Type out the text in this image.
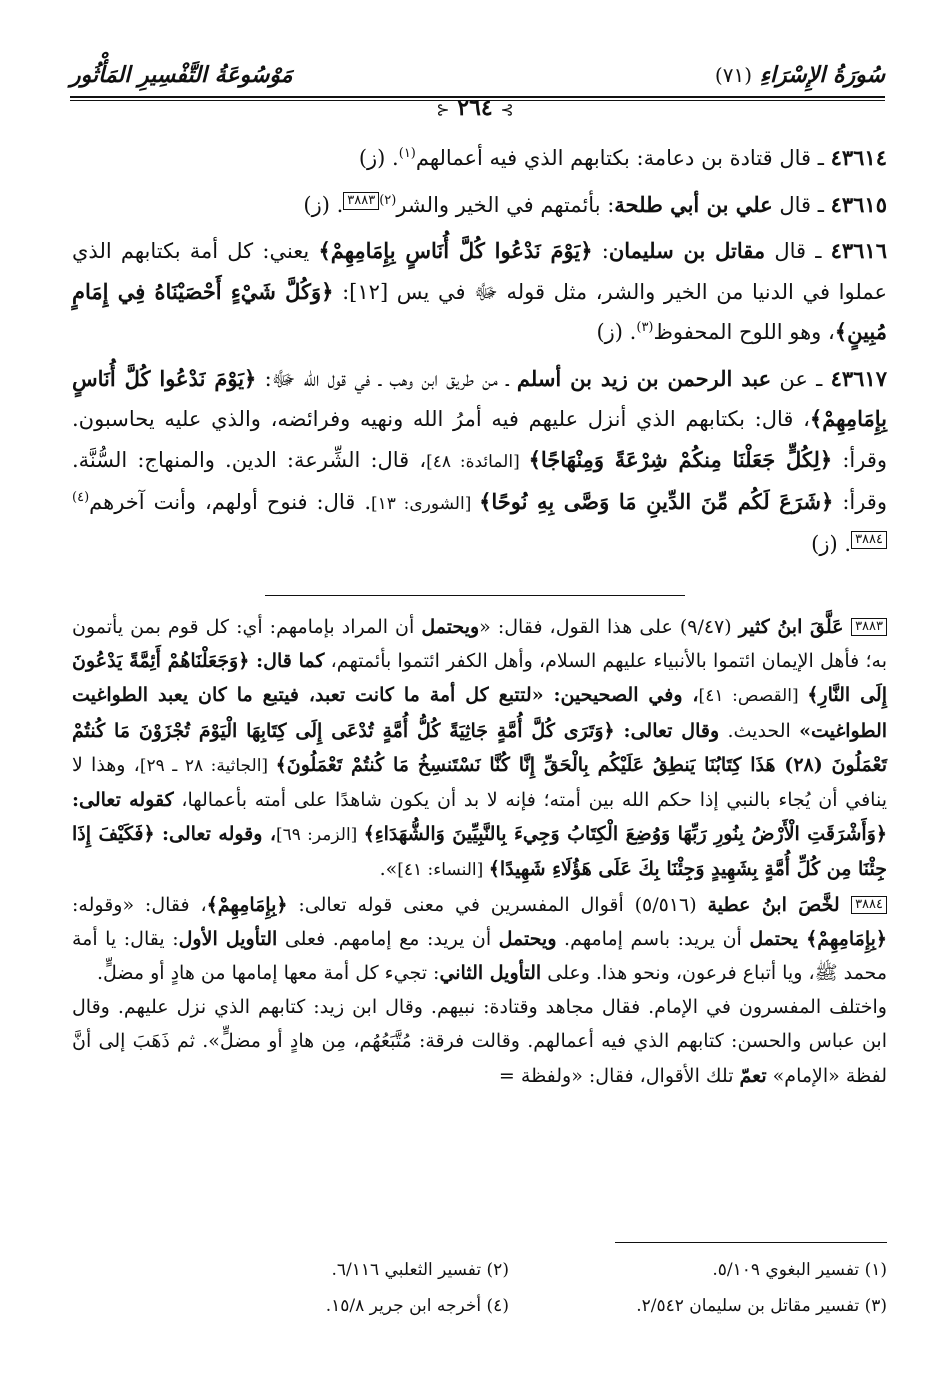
سُورَةُ الإِسْرَاءِ (٧١)
مَوْسُوعَةُ التَّفْسِيرِ المَأْثُور
⊱ ٢٦٤ ⊰

٤٣٦١٤ ـ قال قتادة بن دعامة: بكتابهم الذي فيه أعمالهم$^{(١)}$. (ز)

٤٣٦١٥ ـ قال علي بن أبي طلحة: بأئمتهم في الخير والشر$^{(٢)}$٣٨٨٣. (ز)

٤٣٦١٦ ـ قال مقاتل بن سليمان: ﴿يَوْمَ نَدْعُوا كُلَّ أُنَاسٍ بِإِمَامِهِمْ﴾ يعني: كل أمة بكتابهم الذي عملوا في الدنيا من الخير والشر، مثل قوله ﷻ في يس [١٢]: ﴿وَكُلَّ شَيْءٍ أَحْصَيْنَاهُ فِي إِمَامٍ مُبِينٍ﴾، وهو اللوح المحفوظ$^{(٣)}$. (ز)

٤٣٦١٧ ـ عن عبد الرحمن بن زيد بن أسلم ـ من طريق ابن وهب ـ في قول الله ﷻ: ﴿يَوْمَ نَدْعُوا كُلَّ أُنَاسٍ بِإِمَامِهِمْ﴾، قال: بكتابهم الذي أنزل عليهم فيه أمرُ الله ونهيه وفرائضه، والذي عليه يحاسبون. وقرأ: ﴿لِكُلٍّ جَعَلْنَا مِنكُمْ شِرْعَةً وَمِنْهَاجًا﴾ [المائدة: ٤٨]، قال: الشِّرعة: الدين. والمنهاج: السُّنَّة. وقرأ: ﴿شَرَعَ لَكُم مِّنَ الدِّينِ مَا وَصَّى بِهِ نُوحًا﴾ [الشورى: ١٣]. قال: فنوح أولهم، وأنت آخرهم$^{(٤)}$٣٨٨٤. (ز)

٣٨٨٣ عَلَّقَ ابنُ كثير (٩/٤٧) على هذا القول، فقال: «ويحتمل أن المراد بإمامهم: أي: كل قوم بمن يأتمون به؛ فأهل الإيمان ائتموا بالأنبياء عليهم السلام، وأهل الكفر ائتموا بأئمتهم، كما قال: ﴿وَجَعَلْنَاهُمْ أَئِمَّةً يَدْعُونَ إِلَى النَّارِ﴾ [القصص: ٤١]، وفي الصحيحين: «لتتبع كل أمة ما كانت تعبد، فيتبع ما كان يعبد الطواغيت الطواغيت» الحديث. وقال تعالى: ﴿وَتَرَى كُلَّ أُمَّةٍ جَاثِيَةً كُلُّ أُمَّةٍ تُدْعَى إِلَى كِتَابِهَا الْيَوْمَ تُجْزَوْنَ مَا كُنتُمْ تَعْمَلُونَ (٢٨) هَذَا كِتَابُنَا يَنطِقُ عَلَيْكُم بِالْحَقِّ إِنَّا كُنَّا نَسْتَنسِخُ مَا كُنتُمْ تَعْمَلُونَ﴾ [الجاثية: ٢٨ ـ ٢٩]، وهذا لا ينافي أن يُجاء بالنبي إذا حكم الله بين أمته؛ فإنه لا بد أن يكون شاهدًا على أمته بأعمالها، كقوله تعالى: ﴿وَأَشْرَقَتِ الْأَرْضُ بِنُورِ رَبِّهَا وَوُضِعَ الْكِتَابُ وَجِيءَ بِالنَّبِيِّينَ وَالشُّهَدَاءِ﴾ [الزمر: ٦٩]، وقوله تعالى: ﴿فَكَيْفَ إِذَا جِئْنَا مِن كُلِّ أُمَّةٍ بِشَهِيدٍ وَجِئْنَا بِكَ عَلَى هَؤُلَاءِ شَهِيدًا﴾ [النساء: ٤١]».

٣٨٨٤ لخَّصَ ابنُ عطية (٥/٥١٦) أقوال المفسرين في معنى قوله تعالى: ﴿بِإِمَامِهِمْ﴾، فقال: «وقوله: ﴿بِإِمَامِهِمْ﴾ يحتمل أن يريد: باسم إمامهم. ويحتمل أن يريد: مع إمامهم. فعلى التأويل الأول: يقال: يا أمة محمد ﷺ، ويا أتباع فرعون، ونحو هذا. وعلى التأويل الثاني: تجيء كل أمة معها إمامها من هادٍ أو مضلٍّ.

واختلف المفسرون في الإمام. فقال مجاهد وقتادة: نبيهم. وقال ابن زيد: كتابهم الذي نزل عليهم. وقال ابن عباس والحسن: كتابهم الذي فيه أعمالهم. وقالت فرقة: مُتَّبَعُهُم، مِن هادٍ أو مضلٍّ». ثم ذَهَبَ إلى أنَّ لفظة «الإمام» تعمّ تلك الأقوال، فقال: «ولفظة =

(١) تفسير البغوي ٥/١٠٩.
(٢) تفسير الثعلبي ٦/١١٦.
(٣) تفسير مقاتل بن سليمان ٢/٥٤٢.
(٤) أخرجه ابن جرير ١٥/٨.
